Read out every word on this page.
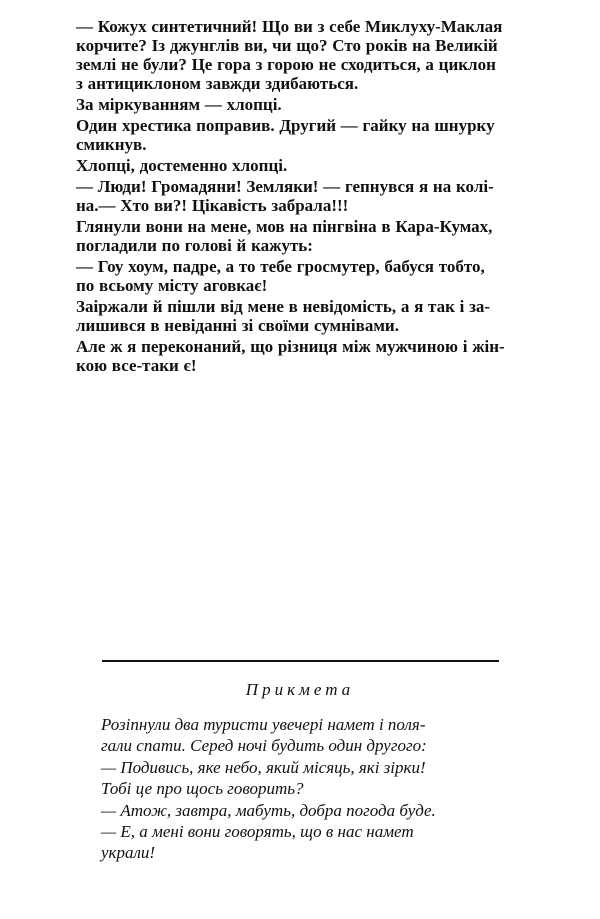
— Кожух синтетичний! Що ви з себе Миклуху-Маклая
корчите? Із джунглів ви, чи що? Сто років на Великій
землі не були? Це гора з горою не сходиться, а циклон
з антициклоном завжди здибаються.

За міркуванням — хлопці.

Один хрестика поправив. Другий — гайку на шнурку
смикнув.

Хлопці, достеменно хлопці.

— Люди! Громадяни! Земляки! — гепнувся я на колі-
на.— Хто ви?! Цікавість забрала!!!

Глянули вони на мене, мов на пінгвіна в Кара-Кумах,
погладили по голові й кажуть:

— Гоу хоум, падре, а то тебе гросмутер, бабуся тобто,
по всьому місту аговкає!

Заіржали й пішли від мене в невідомість, а я так і за-
лишився в невіданні зі своїми сумнівами.

Але ж я переконаний, що різниця між мужчиною і жін-
кою все-таки є!

Прикмета
Розіпнули два туристи увечері намет і поля-
гали спати. Серед ночі будить один другого:
— Подивись, яке небо, який місяць, які зірки!
Тобі це про щось говорить?
— Атож, завтра, мабуть, добра погода буде.
— Е, а мені вони говорять, що в нас намет
украли!
